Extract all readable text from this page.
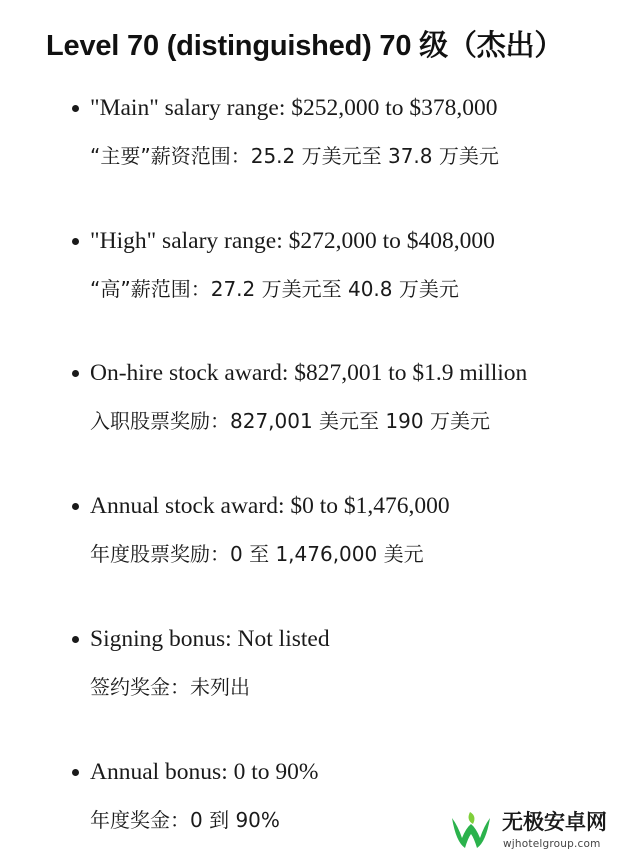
Level 70 (distinguished) 70 级（杰出）
"Main" salary range: $252,000 to $378,000
“主要”薪资范围：25.2 万美元至 37.8 万美元
"High" salary range: $272,000 to $408,000
“高”薪范围：27.2 万美元至 40.8 万美元
On-hire stock award: $827,001 to $1.9 million
入职股票奖励：827,001 美元至 190 万美元
Annual stock award: $0 to $1,476,000
年度股票奖励：0 至 1,476,000 美元
Signing bonus: Not listed
签约奖金：未列出
Annual bonus: 0 to 90%
年度奖金：0 到 90%	无极安卓网
wjhotelgroup.com
